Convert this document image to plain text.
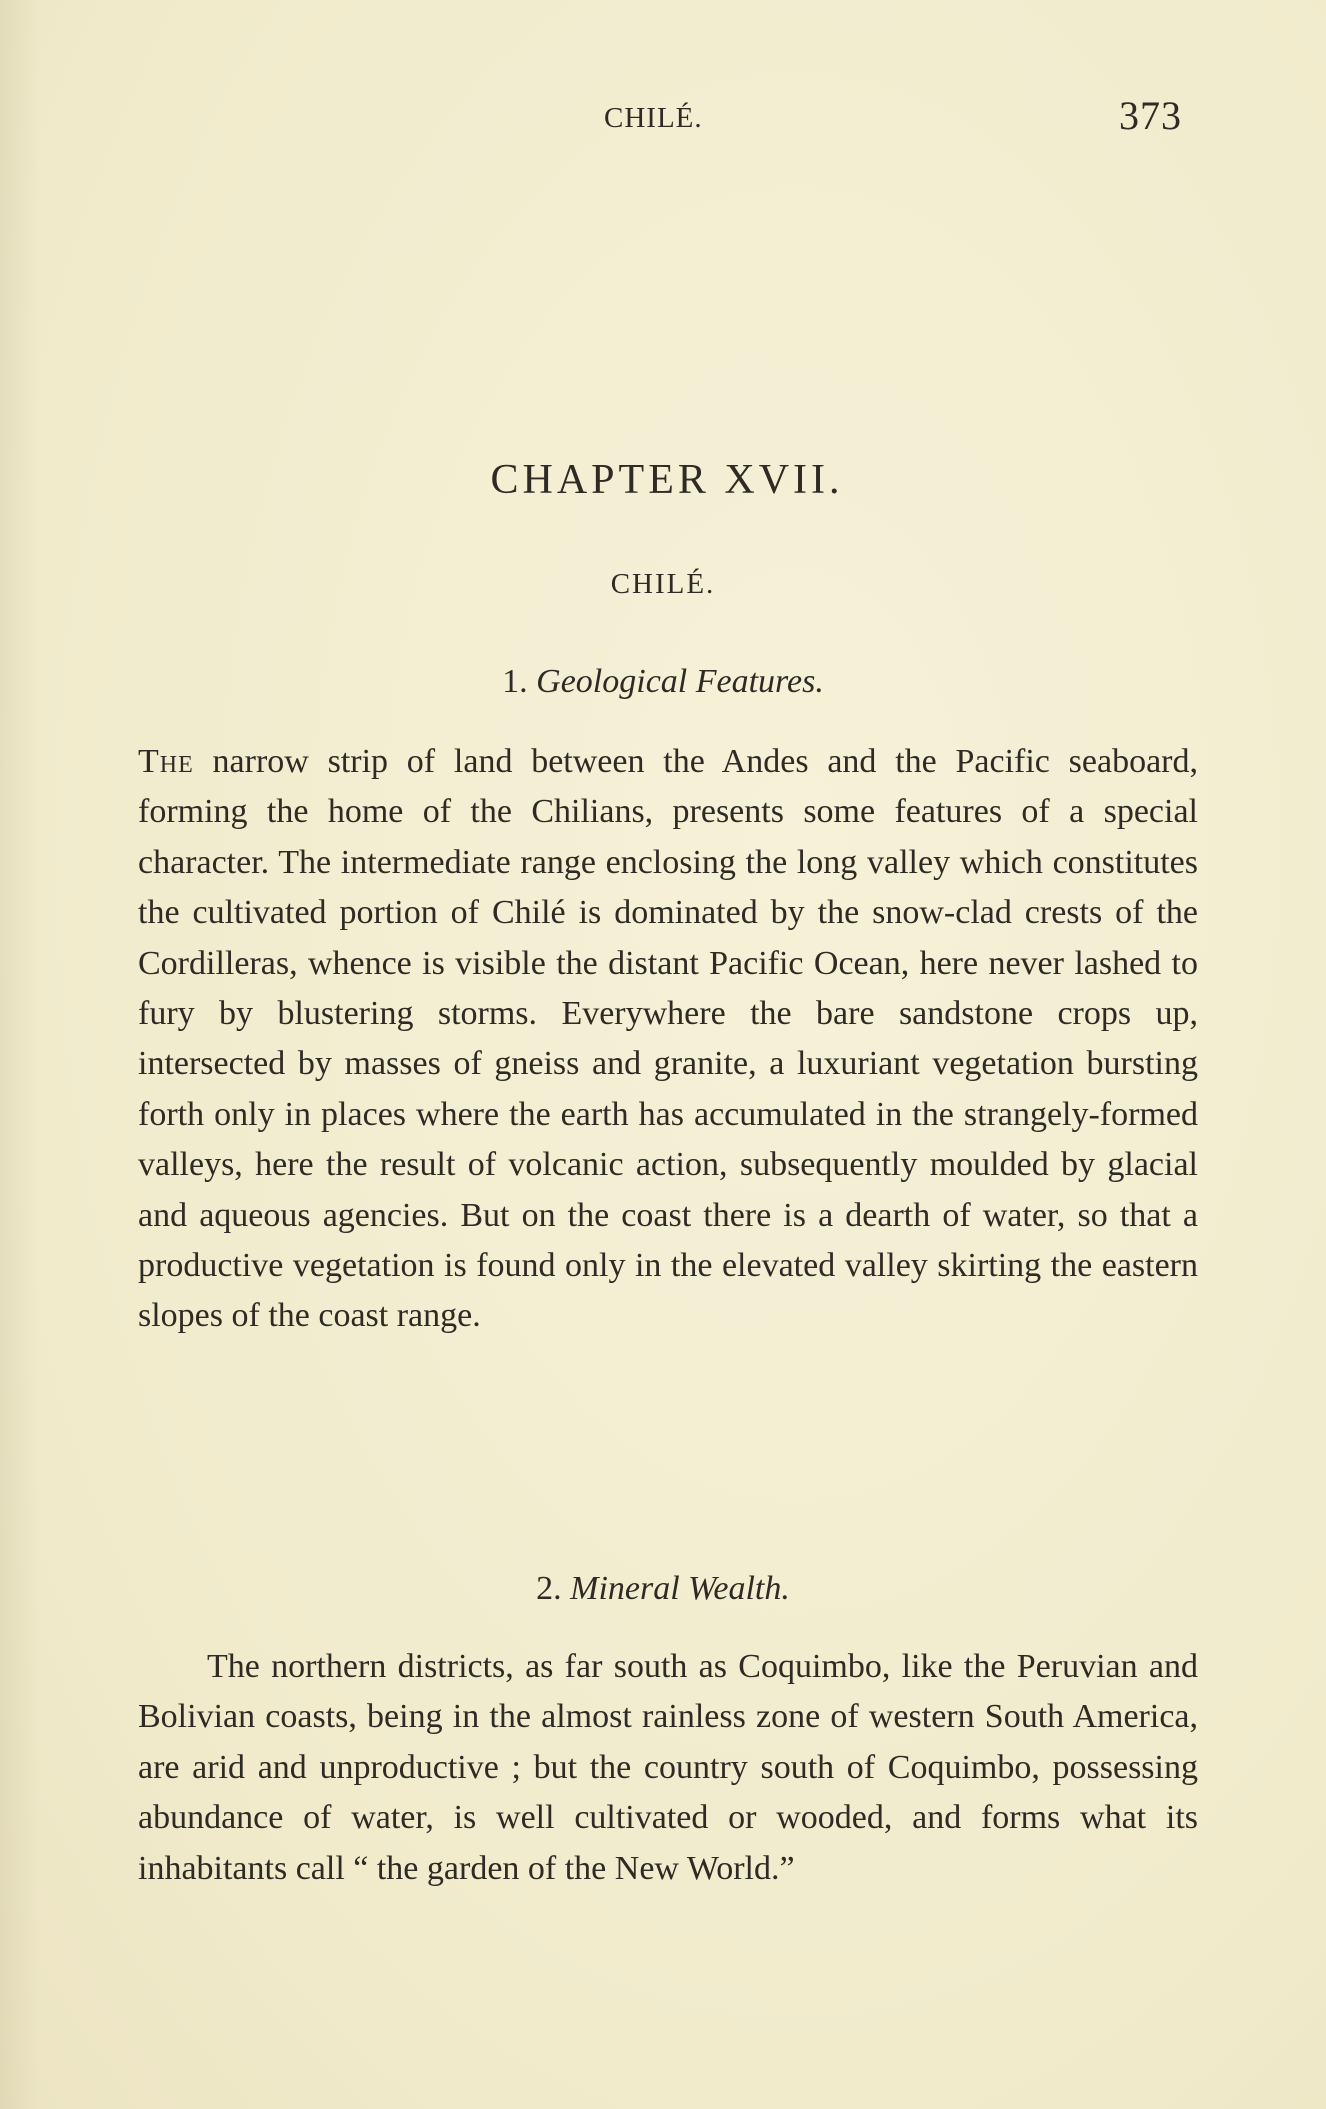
CHILÉ.	373
CHAPTER XVII.
CHILÉ.
1. Geological Features.
The narrow strip of land between the Andes and the Pacific seaboard, forming the home of the Chilians, presents some features of a special character. The intermediate range enclosing the long valley which constitutes the cultivated portion of Chilé is dominated by the snow-clad crests of the Cordilleras, whence is visible the distant Pacific Ocean, here never lashed to fury by blustering storms. Everywhere the bare sandstone crops up, intersected by masses of gneiss and granite, a luxuriant vegetation bursting forth only in places where the earth has accumulated in the strangely-formed valleys, here the result of volcanic action, subsequently moulded by glacial and aqueous agencies. But on the coast there is a dearth of water, so that a productive vegetation is found only in the elevated valley skirting the eastern slopes of the coast range.
2. Mineral Wealth.
The northern districts, as far south as Coquimbo, like the Peruvian and Bolivian coasts, being in the almost rainless zone of western South America, are arid and unproductive ; but the country south of Coquimbo, possessing abundance of water, is well cultivated or wooded, and forms what its inhabitants call “ the garden of the New World.”
